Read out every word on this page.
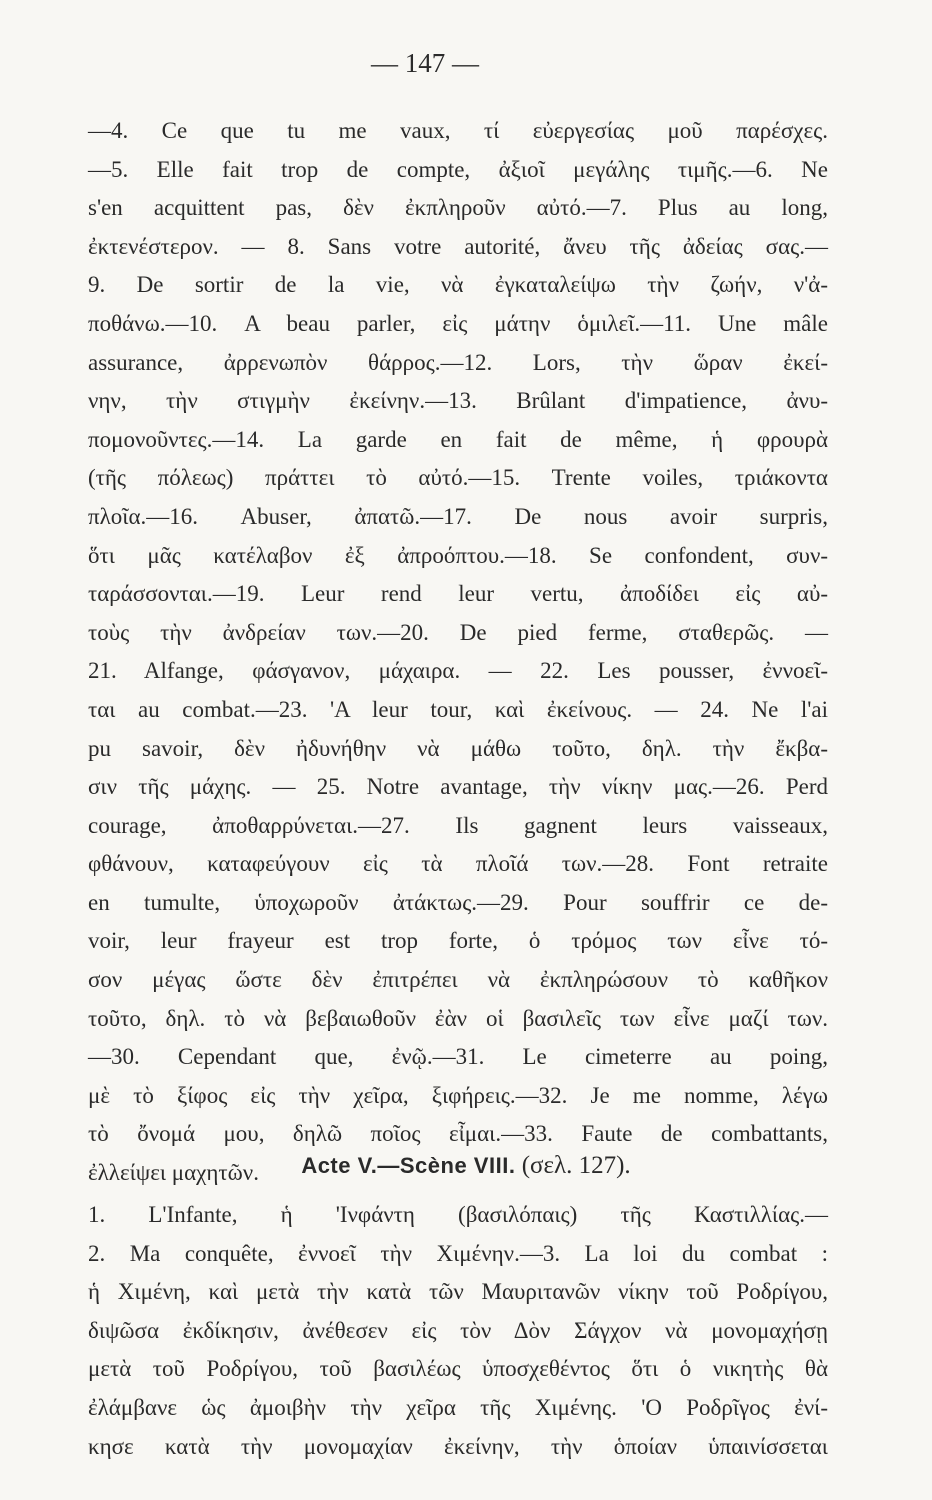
— 147 —
—4. Ce que tu me vaux, τί εὐεργεσίας μοῦ παρέσχες.
—5. Elle fait trop de compte, ἀξιοῖ μεγάλης τιμῆς.—6. Ne
s'en acquittent pas, δὲν ἐκπληροῦν αὐτό.—7. Plus au long,
ἐκτενέστερον. — 8. Sans votre autorité, ἄνευ τῆς ἀδείας σας.—
9. De sortir de la vie, νὰ ἐγκαταλείψω τὴν ζωήν, ν'ἀ-
ποθάνω.—10. A beau parler, εἰς μάτην ὁμιλεῖ.—11. Une mâle
assurance, ἀρρενωπὸν θάρρος.—12. Lors, τὴν ὥραν ἐκεί-
νην, τὴν στιγμὴν ἐκείνην.—13. Brûlant d'impatience, ἀνυ-
πομονοῦντες.—14. La garde en fait de même, ἡ φρουρὰ
(τῆς πόλεως) πράττει τὸ αὐτό.—15. Trente voiles, τριάκοντα
πλοῖα.—16. Abuser, ἀπατῶ.—17. De nous avoir surpris,
ὅτι μᾶς κατέλαβον ἐξ ἀπροόπτου.—18. Se confondent, συν-
ταράσσονται.—19. Leur rend leur vertu, ἀποδίδει εἰς αὐ-
τοὺς τὴν ἀνδρείαν των.—20. De pied ferme, σταθερῶς. —
21. Alfange, φάσγανον, μάχαιρα. — 22. Les pousser, ἐννοεῖ-
ται au combat.—23. 'A leur tour, καὶ ἐκείνους. — 24. Ne l'ai
pu savoir, δὲν ἠδυνήθην νὰ μάθω τοῦτο, δηλ. τὴν ἔκβα-
σιν τῆς μάχης. — 25. Notre avantage, τὴν νίκην μας.—26. Perd
courage, ἀποθαρρύνεται.—27. Ils gagnent leurs vaisseaux,
φθάνουν, καταφεύγουν εἰς τὰ πλοῖά των.—28. Font retraite
en tumulte, ὑποχωροῦν ἀτάκτως.—29. Pour souffrir ce de-
voir, leur frayeur est trop forte, ὁ τρόμος των εἶνε τό-
σον μέγας ὥστε δὲν ἐπιτρέπει νὰ ἐκπληρώσουν τὸ καθῆκον
τοῦτο, δηλ. τὸ νὰ βεβαιωθοῦν ἐὰν οἱ βασιλεῖς των εἶνε μαζί των.
—30. Cependant que, ἐνῷ.—31. Le cimeterre au poing,
μὲ τὸ ξίφος εἰς τὴν χεῖρα, ξιφήρεις.—32. Je me nomme, λέγω
τὸ ὄνομά μου, δηλῶ ποῖος εἶμαι.—33. Faute de combattants,
ἐλλείψει μαχητῶν.	Acte V.—Scène VIII. (σελ. 127).
1. L'Infante, ἡ 'Ινφάντη (βασιλόπαις) τῆς Καστιλλίας.—
2. Ma conquête, ἐννοεῖ τὴν Χιμένην.—3. La loi du combat :
ἡ Χιμένη, καὶ μετὰ τὴν κατὰ τῶν Μαυριτανῶν νίκην τοῦ Ροδρίγου,
διψῶσα ἐκδίκησιν, ἀνέθεσεν εἰς τὸν Δὸν Σάγχον νὰ μονομαχήσῃ
μετὰ τοῦ Ροδρίγου, τοῦ βασιλέως ὑποσχεθέντος ὅτι ὁ νικητὴς θὰ
ἐλάμβανε ὡς ἀμοιβὴν τὴν χεῖρα τῆς Χιμένης. 'Ο Ροδρῖγος ἐνί-
κησε κατὰ τὴν μονομαχίαν ἐκείνην, τὴν ὁποίαν ὑπαινίσσεται
